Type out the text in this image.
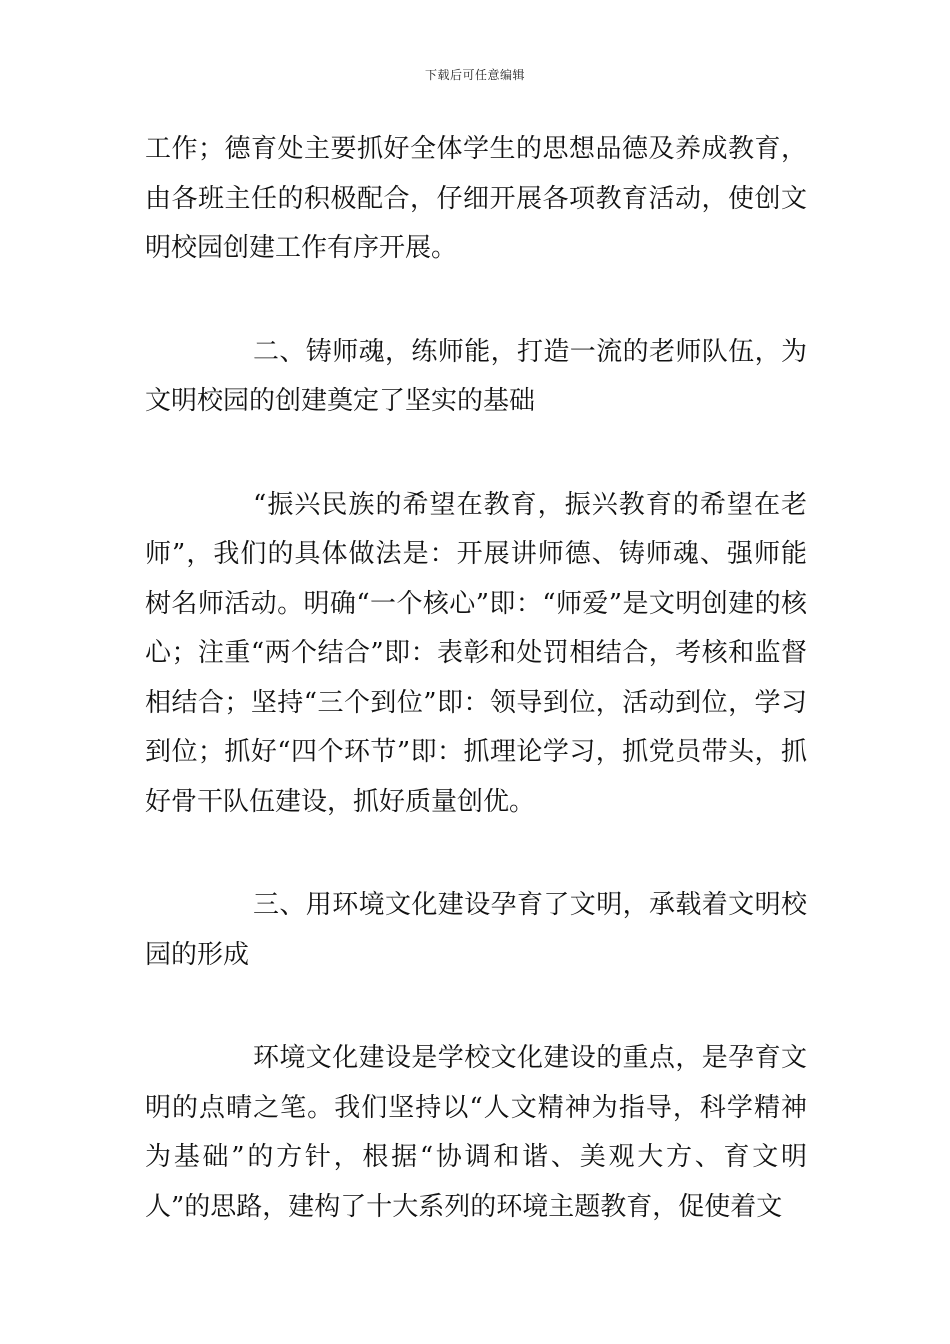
下载后可任意编辑

工作；德育处主要抓好全体学生的思想品德及养成教育，由各班主任的积极配合，仔细开展各项教育活动，使创文明校园创建工作有序开展。

二、铸师魂，练师能，打造一流的老师队伍，为文明校园的创建奠定了坚实的基础

“振兴民族的希望在教育，振兴教育的希望在老师”，我们的具体做法是：开展讲师德、铸师魂、强师能树名师活动。明确“一个核心”即：“师爱”是文明创建的核心；注重“两个结合”即：表彰和处罚相结合，考核和监督相结合；坚持“三个到位”即：领导到位，活动到位，学习到位；抓好“四个环节”即：抓理论学习，抓党员带头，抓好骨干队伍建设，抓好质量创优。

三、用环境文化建设孕育了文明，承载着文明校园的形成

环境文化建设是学校文化建设的重点，是孕育文明的点晴之笔。我们坚持以“人文精神为指导，科学精神为基础”的方针，根据“协调和谐、美观大方、育文明人”的思路，建构了十大系列的环境主题教育，促使着文
